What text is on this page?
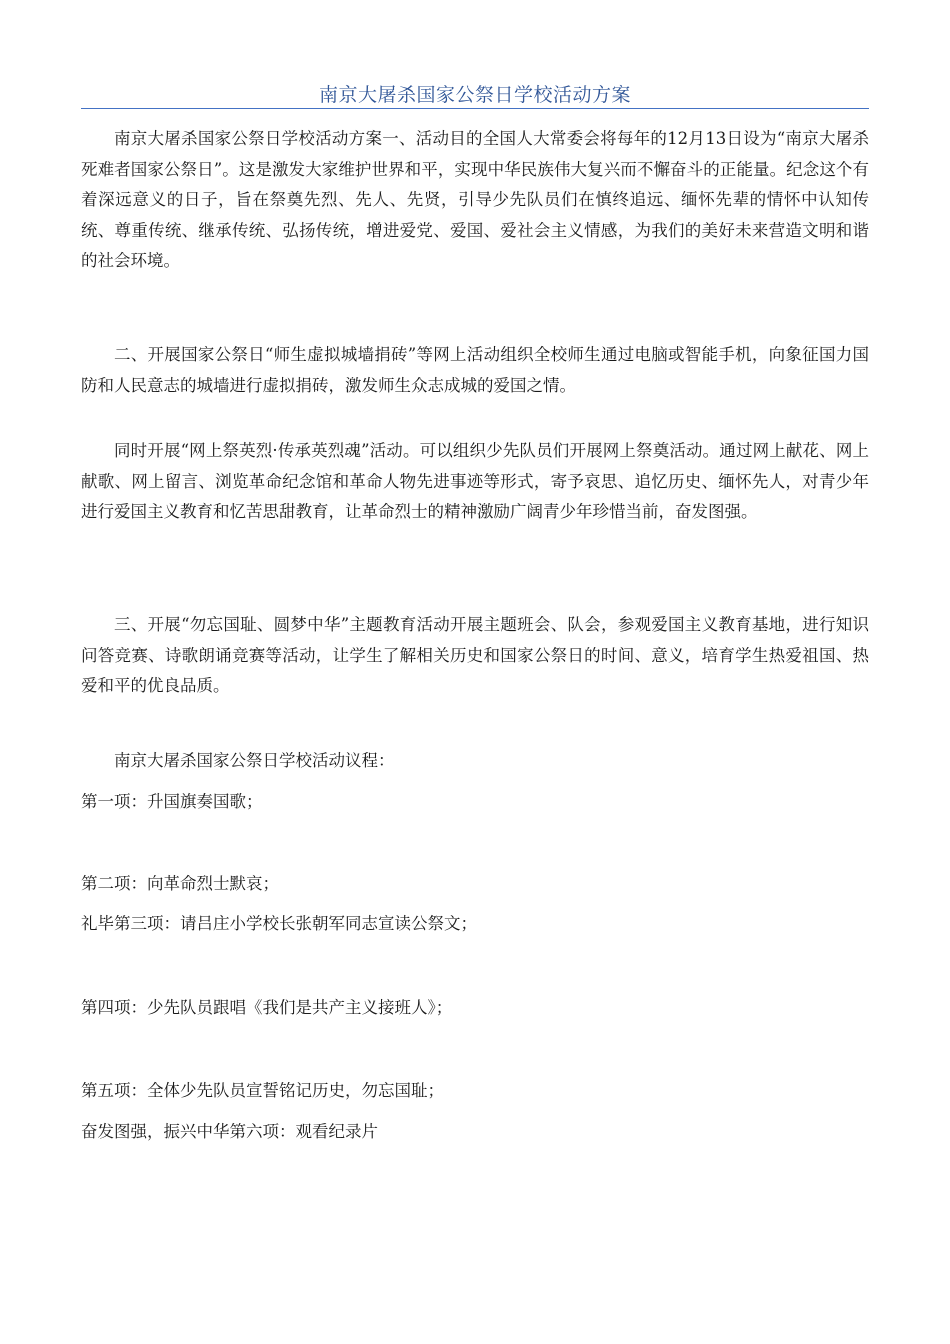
南京大屠杀国家公祭日学校活动方案

南京大屠杀国家公祭日学校活动方案一、活动目的全国人大常委会将每年的12月13日设为“南京大屠杀死难者国家公祭日”。这是激发大家维护世界和平，实现中华民族伟大复兴而不懈奋斗的正能量。纪念这个有着深远意义的日子，旨在祭奠先烈、先人、先贤，引导少先队员们在慎终追远、缅怀先辈的情怀中认知传统、尊重传统、继承传统、弘扬传统，增进爱党、爱国、爱社会主义情感，为我们的美好未来营造文明和谐的社会环境。

二、开展国家公祭日“师生虚拟城墙捐砖”等网上活动组织全校师生通过电脑或智能手机，向象征国力国防和人民意志的城墙进行虚拟捐砖，激发师生众志成城的爱国之情。

同时开展“网上祭英烈·传承英烈魂”活动。可以组织少先队员们开展网上祭奠活动。通过网上献花、网上献歌、网上留言、浏览革命纪念馆和革命人物先进事迹等形式，寄予哀思、追忆历史、缅怀先人，对青少年进行爱国主义教育和忆苦思甜教育，让革命烈士的精神激励广阔青少年珍惜当前，奋发图强。

三、开展“勿忘国耻、圆梦中华”主题教育活动开展主题班会、队会，参观爱国主义教育基地，进行知识问答竞赛、诗歌朗诵竞赛等活动，让学生了解相关历史和国家公祭日的时间、意义，培育学生热爱祖国、热爱和平的优良品质。

南京大屠杀国家公祭日学校活动议程：

第一项：升国旗奏国歌；

第二项：向革命烈士默哀；

礼毕第三项：请吕庄小学校长张朝军同志宣读公祭文；

第四项：少先队员跟唱《我们是共产主义接班人》；

第五项：全体少先队员宣誓铭记历史，勿忘国耻；

奋发图强，振兴中华第六项：观看纪录片
